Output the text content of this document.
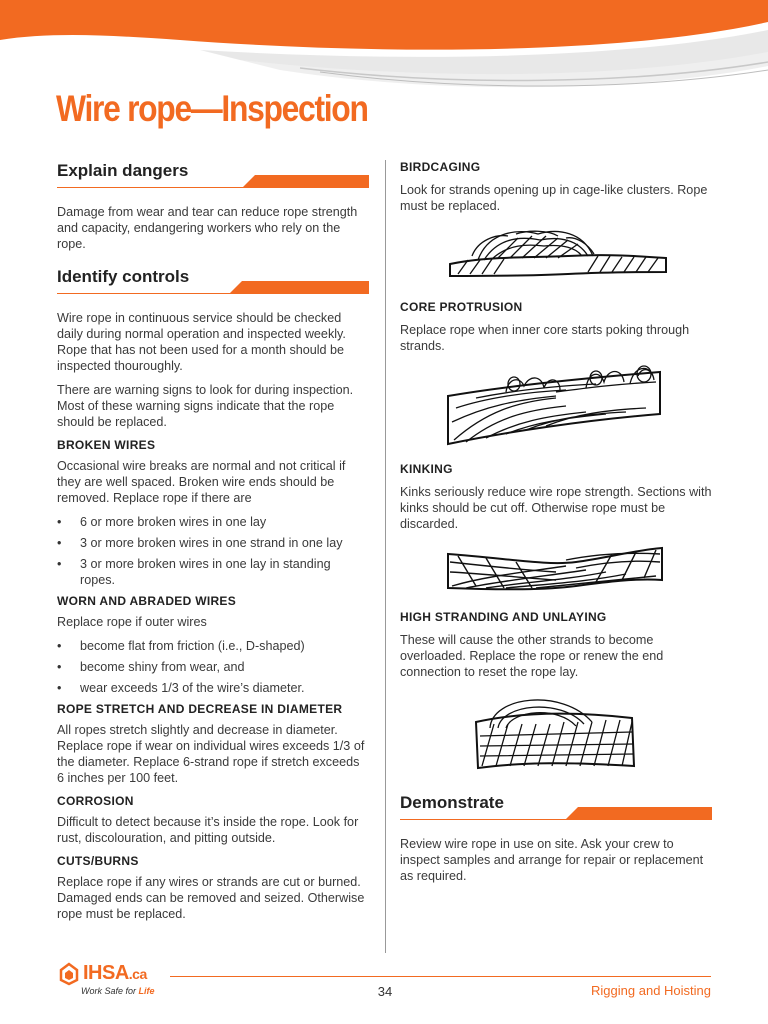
Wire rope—Inspection
Explain dangers

Damage from wear and tear can reduce rope strength and capacity, endangering workers who rely on the rope.

Identify controls

Wire rope in continuous service should be checked daily during normal operation and inspected weekly. Rope that has not been used for a month should be inspected thouroughly.

There are warning signs to look for during inspection. Most of these warning signs indicate that the rope should be replaced.

BROKEN WIRES

Occasional wire breaks are normal and not critical if they are well spaced. Broken wire ends should be removed. Replace rope if there are

• 6 or more broken wires in one lay
• 3 or more broken wires in one strand in one lay
• 3 or more broken wires in one lay in standing ropes.
WORN AND ABRADED WIRES

Replace rope if outer wires

• become flat from friction (i.e., D-shaped)
• become shiny from wear, and
• wear exceeds 1/3 of the wire’s diameter.
ROPE STRETCH AND DECREASE IN DIAMETER

All ropes stretch slightly and decrease in diameter. Replace rope if wear on individual wires exceeds 1/3 of the diameter. Replace 6-strand rope if stretch exceeds 6 inches per 100 feet.

CORROSION

Difficult to detect because it’s inside the rope. Look for rust, discolouration, and pitting outside.

CUTS/BURNS

Replace rope if any wires or strands are cut or burned. Damaged ends can be removed and seized. Otherwise rope must be replaced.

BIRDCAGING

Look for strands opening up in cage-like clusters. Rope must be replaced.

CORE PROTRUSION

Replace rope when inner core starts poking through strands.

KINKING

Kinks seriously reduce wire rope strength. Sections with kinks should be cut off. Otherwise rope must be discarded.

HIGH STRANDING AND UNLAYING

These will cause the other strands to become overloaded. Replace the rope or renew the end connection to reset the rope lay.

Demonstrate

Review wire rope in use on site. Ask your crew to inspect samples and arrange for repair or replacement as required.

IHSA.ca
Work Safe for Life	34	Rigging and Hoisting
